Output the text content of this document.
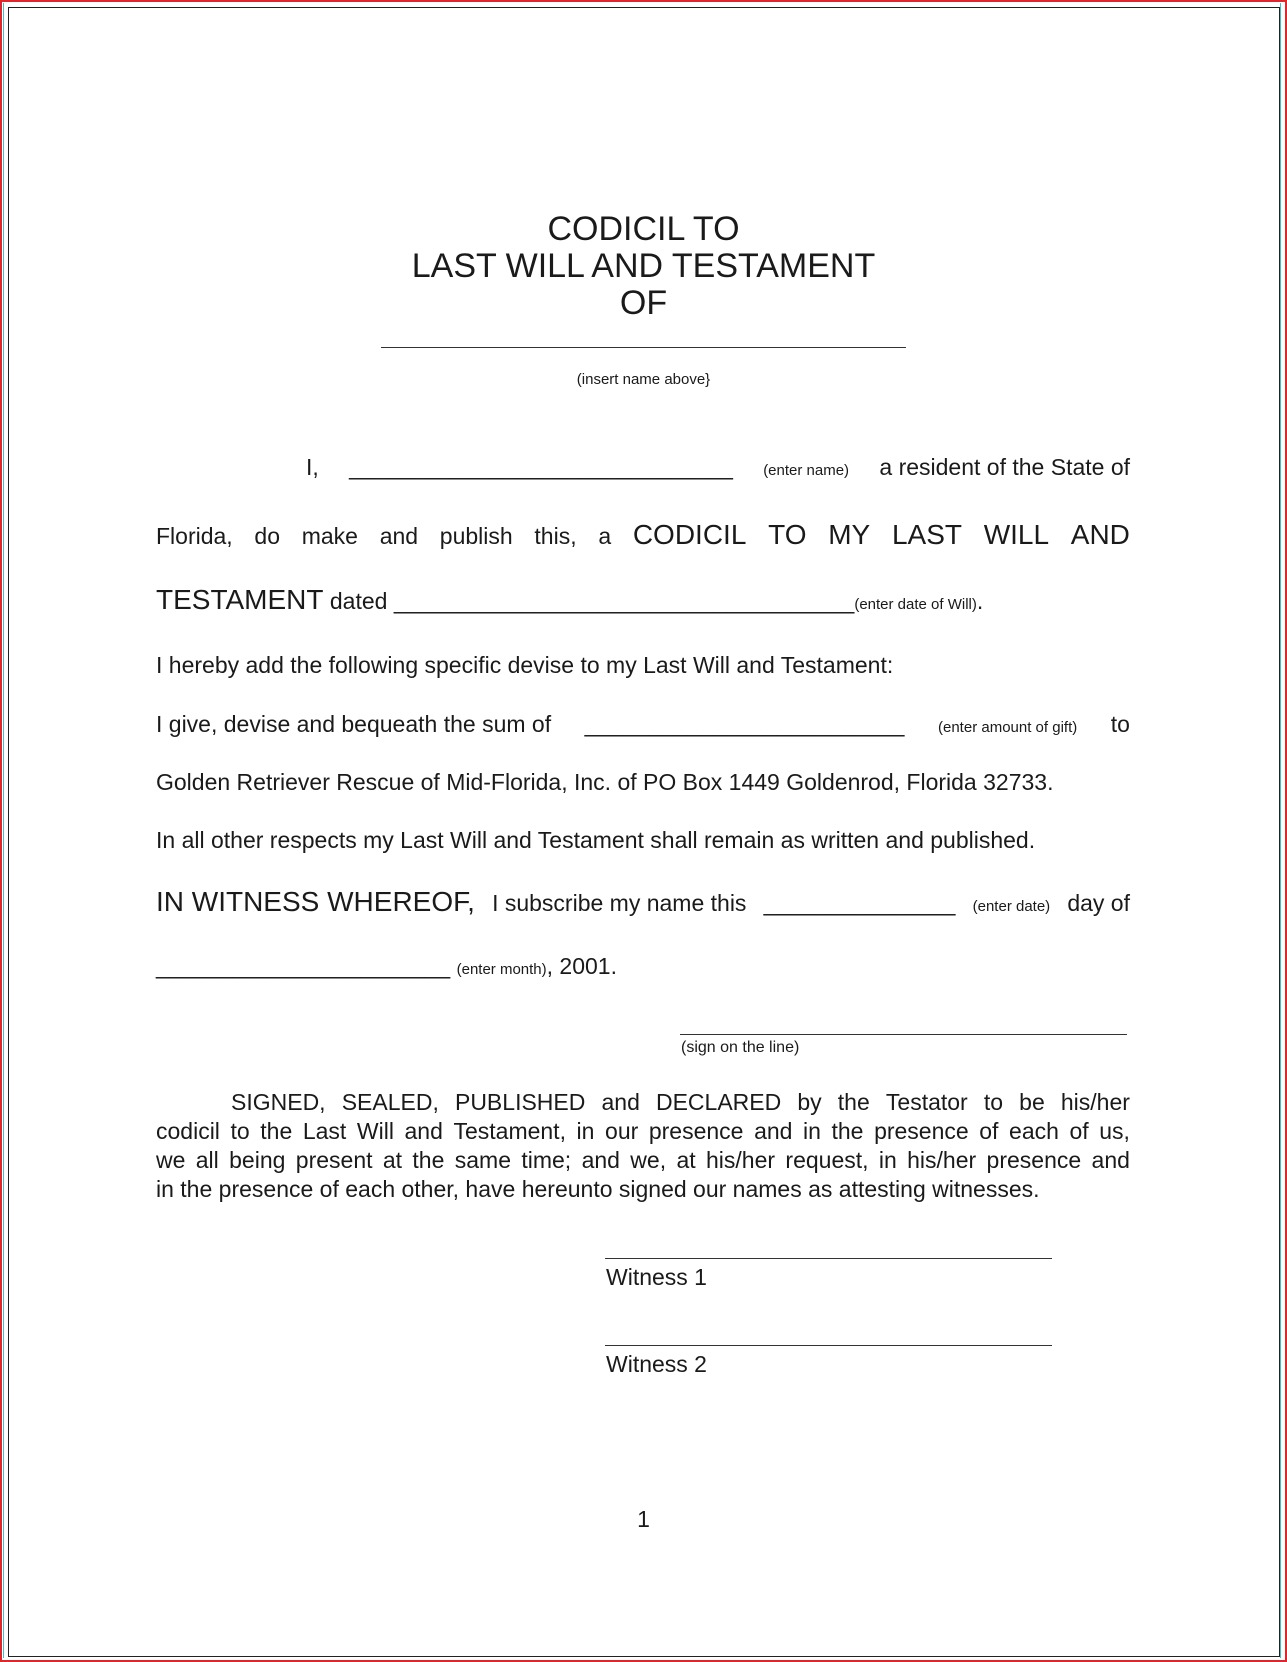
CODICIL TO
LAST WILL AND TESTAMENT
OF
(insert name above}
I, ______________________________ (enter name) a resident of the State of
Florida, do make and publish this, a CODICIL TO MY LAST WILL AND
TESTAMENT dated ____________________________________(enter date of Will).
I hereby add the following specific devise to my Last Will and Testament:
I give, devise and bequeath the sum of _________________________ (enter amount of gift) to
Golden Retriever Rescue of Mid-Florida, Inc. of PO Box 1449 Goldenrod, Florida 32733.
In all other respects my Last Will and Testament shall remain as written and published.
IN WITNESS WHEREOF, I subscribe my name this _______________ (enter date) day of
_______________________ (enter month), 2001.
(sign on the line)
SIGNED, SEALED, PUBLISHED and DECLARED by the Testator to be his/her
codicil to the Last Will and Testament, in our presence and in the presence of each of us,
we all being present at the same time; and we, at his/her request, in his/her presence and
in the presence of each other, have hereunto signed our names as attesting witnesses.
Witness 1
Witness 2
1
